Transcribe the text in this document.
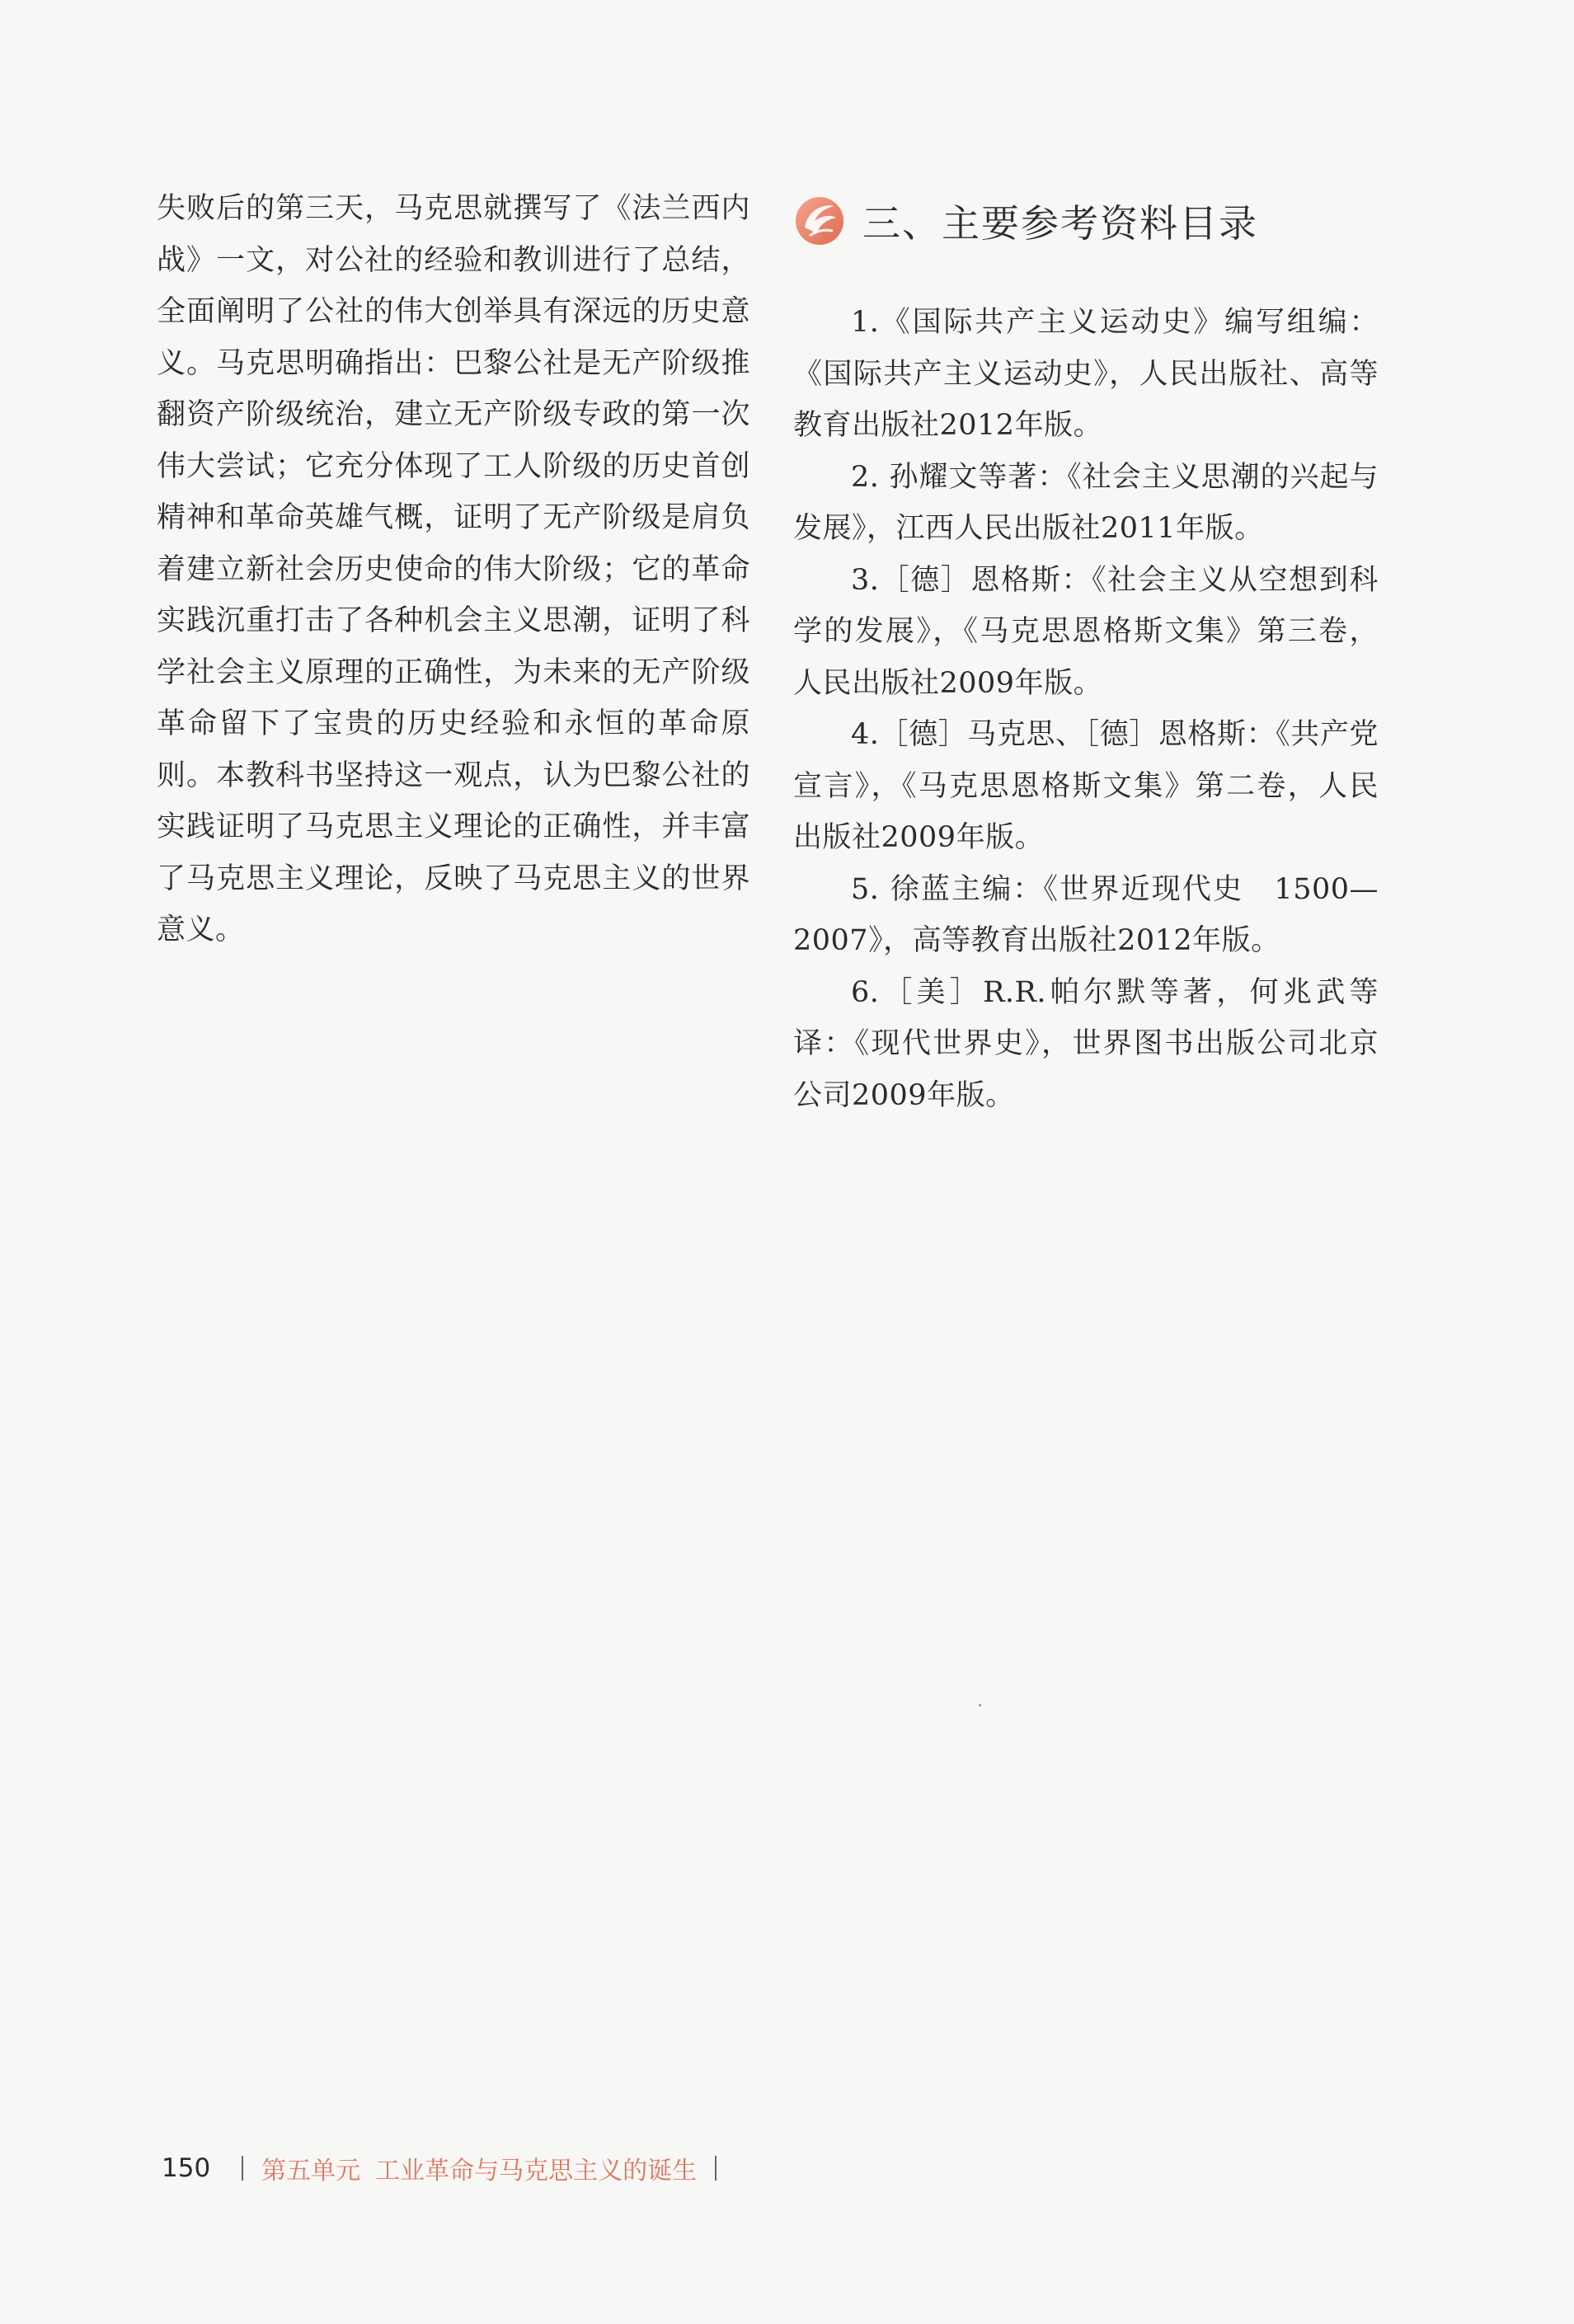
失败后的第三天，马克思就撰写了《法兰西内战》一文，对公社的经验和教训进行了总结，全面阐明了公社的伟大创举具有深远的历史意义。马克思明确指出：巴黎公社是无产阶级推翻资产阶级统治，建立无产阶级专政的第一次伟大尝试；它充分体现了工人阶级的历史首创精神和革命英雄气概，证明了无产阶级是肩负着建立新社会历史使命的伟大阶级；它的革命实践沉重打击了各种机会主义思潮，证明了科学社会主义原理的正确性，为未来的无产阶级革命留下了宝贵的历史经验和永恒的革命原则。本教科书坚持这一观点，认为巴黎公社的实践证明了马克思主义理论的正确性，并丰富了马克思主义理论，反映了马克思主义的世界意义。

三、主要参考资料目录
1.《国际共产主义运动史》编写组编：《国际共产主义运动史》，人民出版社、高等教育出版社2012年版。
2. 孙耀文等著：《社会主义思潮的兴起与发展》，江西人民出版社2011年版。
3.［德］恩格斯：《社会主义从空想到科学的发展》，《马克思恩格斯文集》第三卷，人民出版社2009年版。
4.［德］马克思、［德］恩格斯：《共产党宣言》，《马克思恩格斯文集》第二卷，人民出版社2009年版。
5. 徐蓝主编：《世界近现代史　1500—2007》，高等教育出版社2012年版。
6.［美］R.R.帕尔默等著，何兆武等译：《现代世界史》，世界图书出版公司北京公司2009年版。
150 第五单元 工业革命与马克思主义的诞生
